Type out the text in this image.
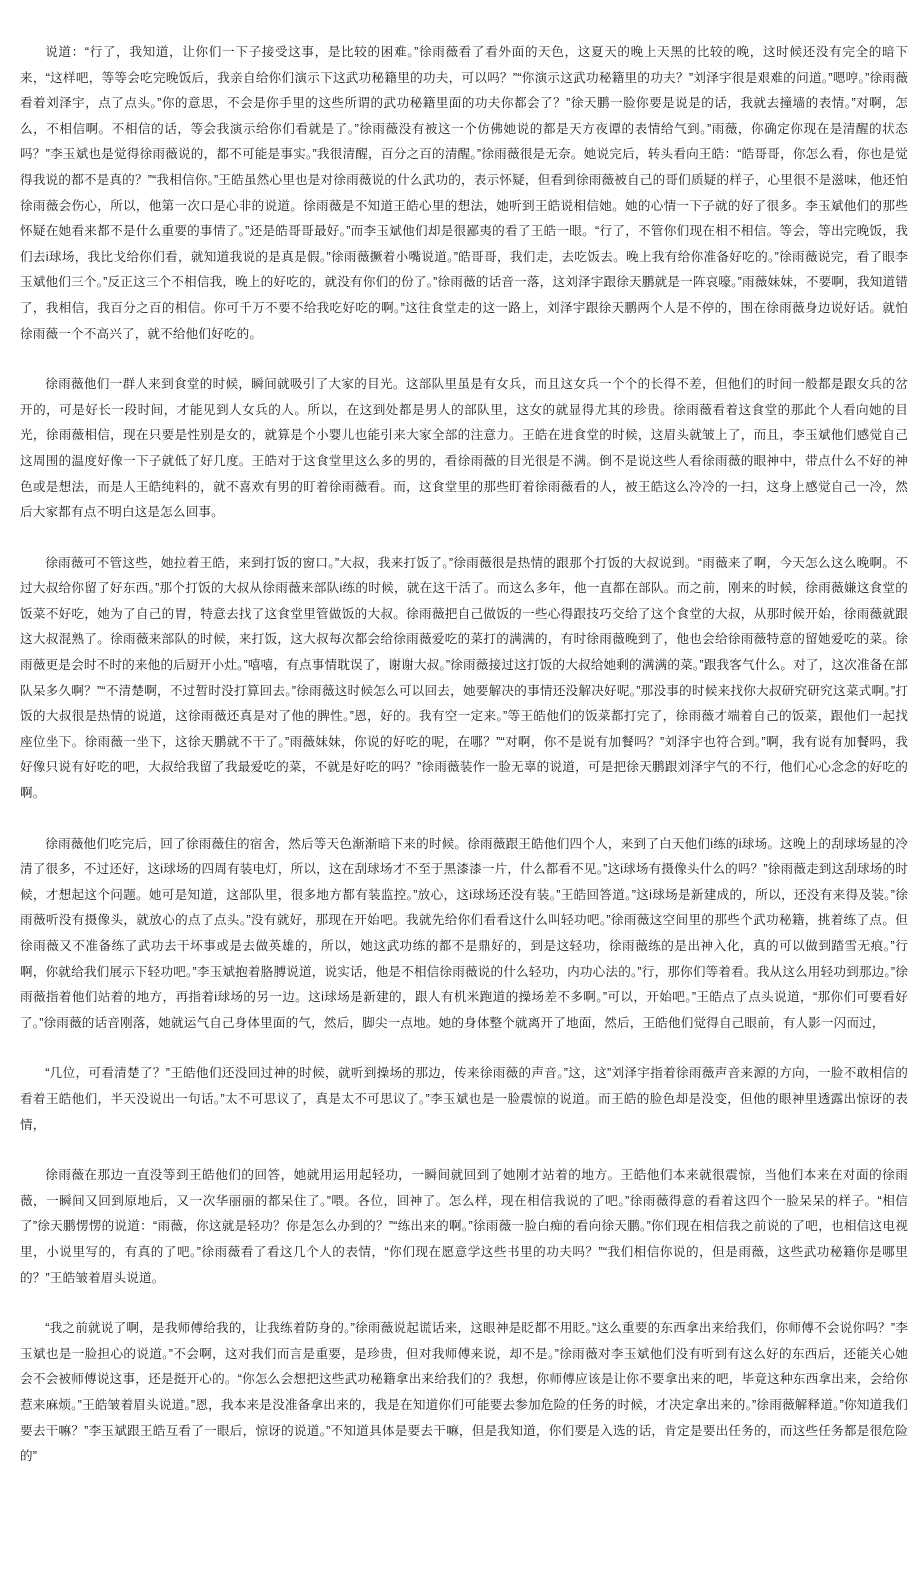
说道：“行了，我知道，让你们一下子接受这事，是比较的困难。”徐雨薇看了看外面的天色，这夏天的晚上天黑的比较的晚，这时候还没有完全的暗下来，“这样吧，等等会吃完晚饭后，我亲自给你们演示下这武功秘籍里的功夫，可以吗？”“你演示这武功秘籍里的功夫？”刘泽宇很是艰难的问道。”嗯哼。”徐雨薇看着刘泽宇，点了点头。”你的意思，不会是你手里的这些所谓的武功秘籍里面的功夫你都会了？”徐天鹏一脸你要是说是的话，我就去撞墙的表情。”对啊，怎么，不相信啊。不相信的话，等会我演示给你们看就是了。”徐雨薇没有被这一个仿佛她说的都是天方夜谭的表情给气到。”雨薇，你确定你现在是清醒的状态吗？”李玉斌也是觉得徐雨薇说的，都不可能是事实。”我很清醒，百分之百的清醒。”徐雨薇很是无奈。她说完后，转头看向王皓：“皓哥哥，你怎么看，你也是觉得我说的都不是真的？”“我相信你。”王皓虽然心里也是对徐雨薇说的什么武功的，表示怀疑，但看到徐雨薇被自己的哥们质疑的样子，心里很不是滋味，他还怕徐雨薇会伤心，所以，他第一次口是心非的说道。徐雨薇是不知道王皓心里的想法，她听到王皓说相信她。她的心情一下子就的好了很多。李玉斌他们的那些怀疑在她看来都不是什么重要的事情了。”还是皓哥哥最好。”而李玉斌他们却是很鄙夷的看了王皓一眼。“行了，不管你们现在相不相信。等会，等出完晚饭，我们去i球场，我比戈给你们看，就知道我说的是真是假。”徐雨薇撅着小嘴说道。”皓哥哥，我们走，去吃饭去。晚上我有给你准备好吃的。”徐雨薇说完，看了眼李玉斌他们三个。”反正这三个不相信我，晚上的好吃的，就没有你们的份了。”徐雨薇的话音一落，这刘泽宇跟徐天鹏就是一阵哀嚎。”雨薇妹妹，不要啊，我知道错了，我相信，我百分之百的相信。你可千万不要不给我吃好吃的啊。”这往食堂走的这一路上，刘泽宇跟徐天鹏两个人是不停的，围在徐雨薇身边说好话。就怕徐雨薇一个不高兴了，就不给他们好吃的。

徐雨薇他们一群人来到食堂的时候，瞬间就吸引了大家的目光。这部队里虽是有女兵，而且这女兵一个个的长得不差，但他们的时间一般都是跟女兵的岔开的，可是好长一段时间，才能见到人女兵的人。所以，在这到处都是男人的部队里，这女的就显得尤其的珍贵。徐雨薇看着这食堂的那此个人看向她的目光，徐雨薇相信，现在只要是性别是女的，就算是个小婴儿也能引来大家全部的注意力。王皓在进食堂的时候，这眉头就皱上了，而且，李玉斌他们感觉自己这周围的温度好像一下子就低了好几度。王皓对于这食堂里这么多的男的，看徐雨薇的目光很是不满。倒不是说这些人看徐雨薇的眼神中，带点什么不好的神色或是想法，而是人王皓纯料的，就不喜欢有男的盯着徐雨薇看。而，这食堂里的那些盯着徐雨薇看的人，被王皓这么冷冷的一扫，这身上感觉自己一冷，然后大家都有点不明白这是怎么回事。

徐雨薇可不管这些，她拉着王皓，来到打饭的窗口。”大叔，我来打饭了。”徐雨薇很是热情的跟那个打饭的大叔说到。“雨薇来了啊，今天怎么这么晚啊。不过大叔给你留了好东西。”那个打饭的大叔从徐雨薇来部队i练的时候，就在这干活了。而这么多年，他一直都在部队。而之前，刚来的时候，徐雨薇嫌这食堂的饭菜不好吃，她为了自己的胃，特意去找了这食堂里管做饭的大叔。徐雨薇把自己做饭的一些心得跟技巧交给了这个食堂的大叔，从那时候开始，徐雨薇就跟这大叔混熟了。徐雨薇来部队的时候，来打饭，这大叔每次都会给徐雨薇爱吃的菜打的满满的，有时徐雨薇晚到了，他也会给徐雨薇特意的留她爱吃的菜。徐雨薇更是会时不时的来他的后厨开小灶。”嘻嘻，有点事情耽误了，谢谢大叔。”徐雨薇接过这打饭的大叔给她剩的满满的菜。”跟我客气什么。对了，这次准备在部队呆多久啊？”“不清楚啊，不过暂时没打算回去。”徐雨薇这时候怎么可以回去，她要解决的事情还没解决好呢。”那没事的时候来找你大叔研究研究这菜式啊。”打饭的大叔很是热情的说道，这徐雨薇还真是对了他的脾性。”恩，好的。我有空一定来。”等王皓他们的饭菜都打完了，徐雨薇才端着自己的饭菜，跟他们一起找座位坐下。徐雨薇一坐下，这徐天鹏就不干了。”雨薇妹妹，你说的好吃的呢，在哪？”“对啊，你不是说有加餐吗？”刘泽宇也符合到。”啊，我有说有加餐吗，我好像只说有好吃的吧，大叔给我留了我最爱吃的菜，不就是好吃的吗？”徐雨薇装作一脸无辜的说道，可是把徐天鹏跟刘泽宇气的不行，他们心心念念的好吃的啊。

徐雨薇他们吃完后，回了徐雨薇住的宿舍，然后等天色渐渐暗下来的时候。徐雨薇跟王皓他们四个人，来到了白天他们i练的i球场。这晚上的刮球场显的冷清了很多，不过还好，这i球场的四周有装电灯，所以，这在刮球场才不至于黑漆漆一片，什么都看不见。”这i球场有摄像头什么的吗？”徐雨薇走到这刮球场的时候，才想起这个问题。她可是知道，这部队里，很多地方都有装监控。”放心，这i球场还没有装。”王皓回答道。”这i球场是新建成的，所以，还没有来得及装。”徐雨薇听没有摄像头，就放心的点了点头。”没有就好，那现在开始吧。我就先给你们看看这什么叫轻功吧。”徐雨薇这空间里的那些个武功秘籍，挑着练了点。但徐雨薇又不准备练了武功去干坏事或是去做英雄的，所以，她这武功练的都不是鼎好的，到是这轻功，徐雨薇练的是出神入化，真的可以做到踏雪无痕。”行啊，你就给我们展示下轻功吧。”李玉斌抱着胳膊说道，说实话，他是不相信徐雨薇说的什么轻功，内功心法的。”行，那你们等着看。我从这么用轻功到那边。”徐雨薇指着他们站着的地方，再指着i球场的另一边。这i球场是新建的，跟人有机米跑道的操场差不多啊。”可以，开始吧。”王皓点了点头说道，“那你们可要看好了。”徐雨薇的话音刚落，她就运气自己身体里面的气，然后，脚尖一点地。她的身体整个就离开了地面，然后，王皓他们觉得自己眼前，有人影一闪而过，

“几位，可看清楚了？”王皓他们还没回过神的时候，就听到操场的那边，传来徐雨薇的声音。”这，这”刘泽宇指着徐雨薇声音来源的方向，一脸不敢相信的看着王皓他们，半天没说出一句话。”太不可思议了，真是太不可思议了。”李玉斌也是一脸震惊的说道。而王皓的脸色却是没变，但他的眼神里透露出惊讶的表情，

徐雨薇在那边一直没等到王皓他们的回答，她就用运用起轻功，一瞬间就回到了她刚才站着的地方。王皓他们本来就很震惊，当他们本来在对面的徐雨薇，一瞬间又回到原地后，又一次华丽丽的都呆住了。”喂。各位，回神了。怎么样，现在相信我说的了吧。”徐雨薇得意的看着这四个一脸呆呆的样子。“相信了”徐天鹏愣愣的说道：“雨薇，你这就是轻功？你是怎么办到的？”“练出来的啊。”徐雨薇一脸白痴的看向徐天鹏。”你们现在相信我之前说的了吧，也相信这电视里，小说里写的，有真的了吧。”徐雨薇看了看这几个人的表情，“你们现在愿意学这些书里的功夫吗？”“我们相信你说的，但是雨薇，这些武功秘籍你是哪里的？”王皓皱着眉头说道。

“我之前就说了啊，是我师傅给我的，让我练着防身的。”徐雨薇说起谎话来，这眼神是眨都不用眨。”这么重要的东西拿出来给我们，你师傅不会说你吗？”李玉斌也是一脸担心的说道。”不会啊，这对我们而言是重要，是珍贵，但对我师傅来说，却不是。”徐雨薇对李玉斌他们没有听到有这么好的东西后，还能关心她会不会被师傅说这事，还是挺开心的。“你怎么会想把这些武功秘籍拿出来给我们的？我想，你师傅应该是让你不要拿出来的吧，毕竟这种东西拿出来，会给你惹来麻烦。”王皓皱着眉头说道。”恩，我本来是没准备拿出来的，我是在知道你们可能要去参加危险的任务的时候，才决定拿出来的。”徐雨薇解释道。”你知道我们要去干嘛？”李玉斌跟王皓互看了一眼后，惊讶的说道。”不知道具体是要去干嘛，但是我知道，你们要是入选的话，肯定是要出任务的，而这些任务都是很危险的”
